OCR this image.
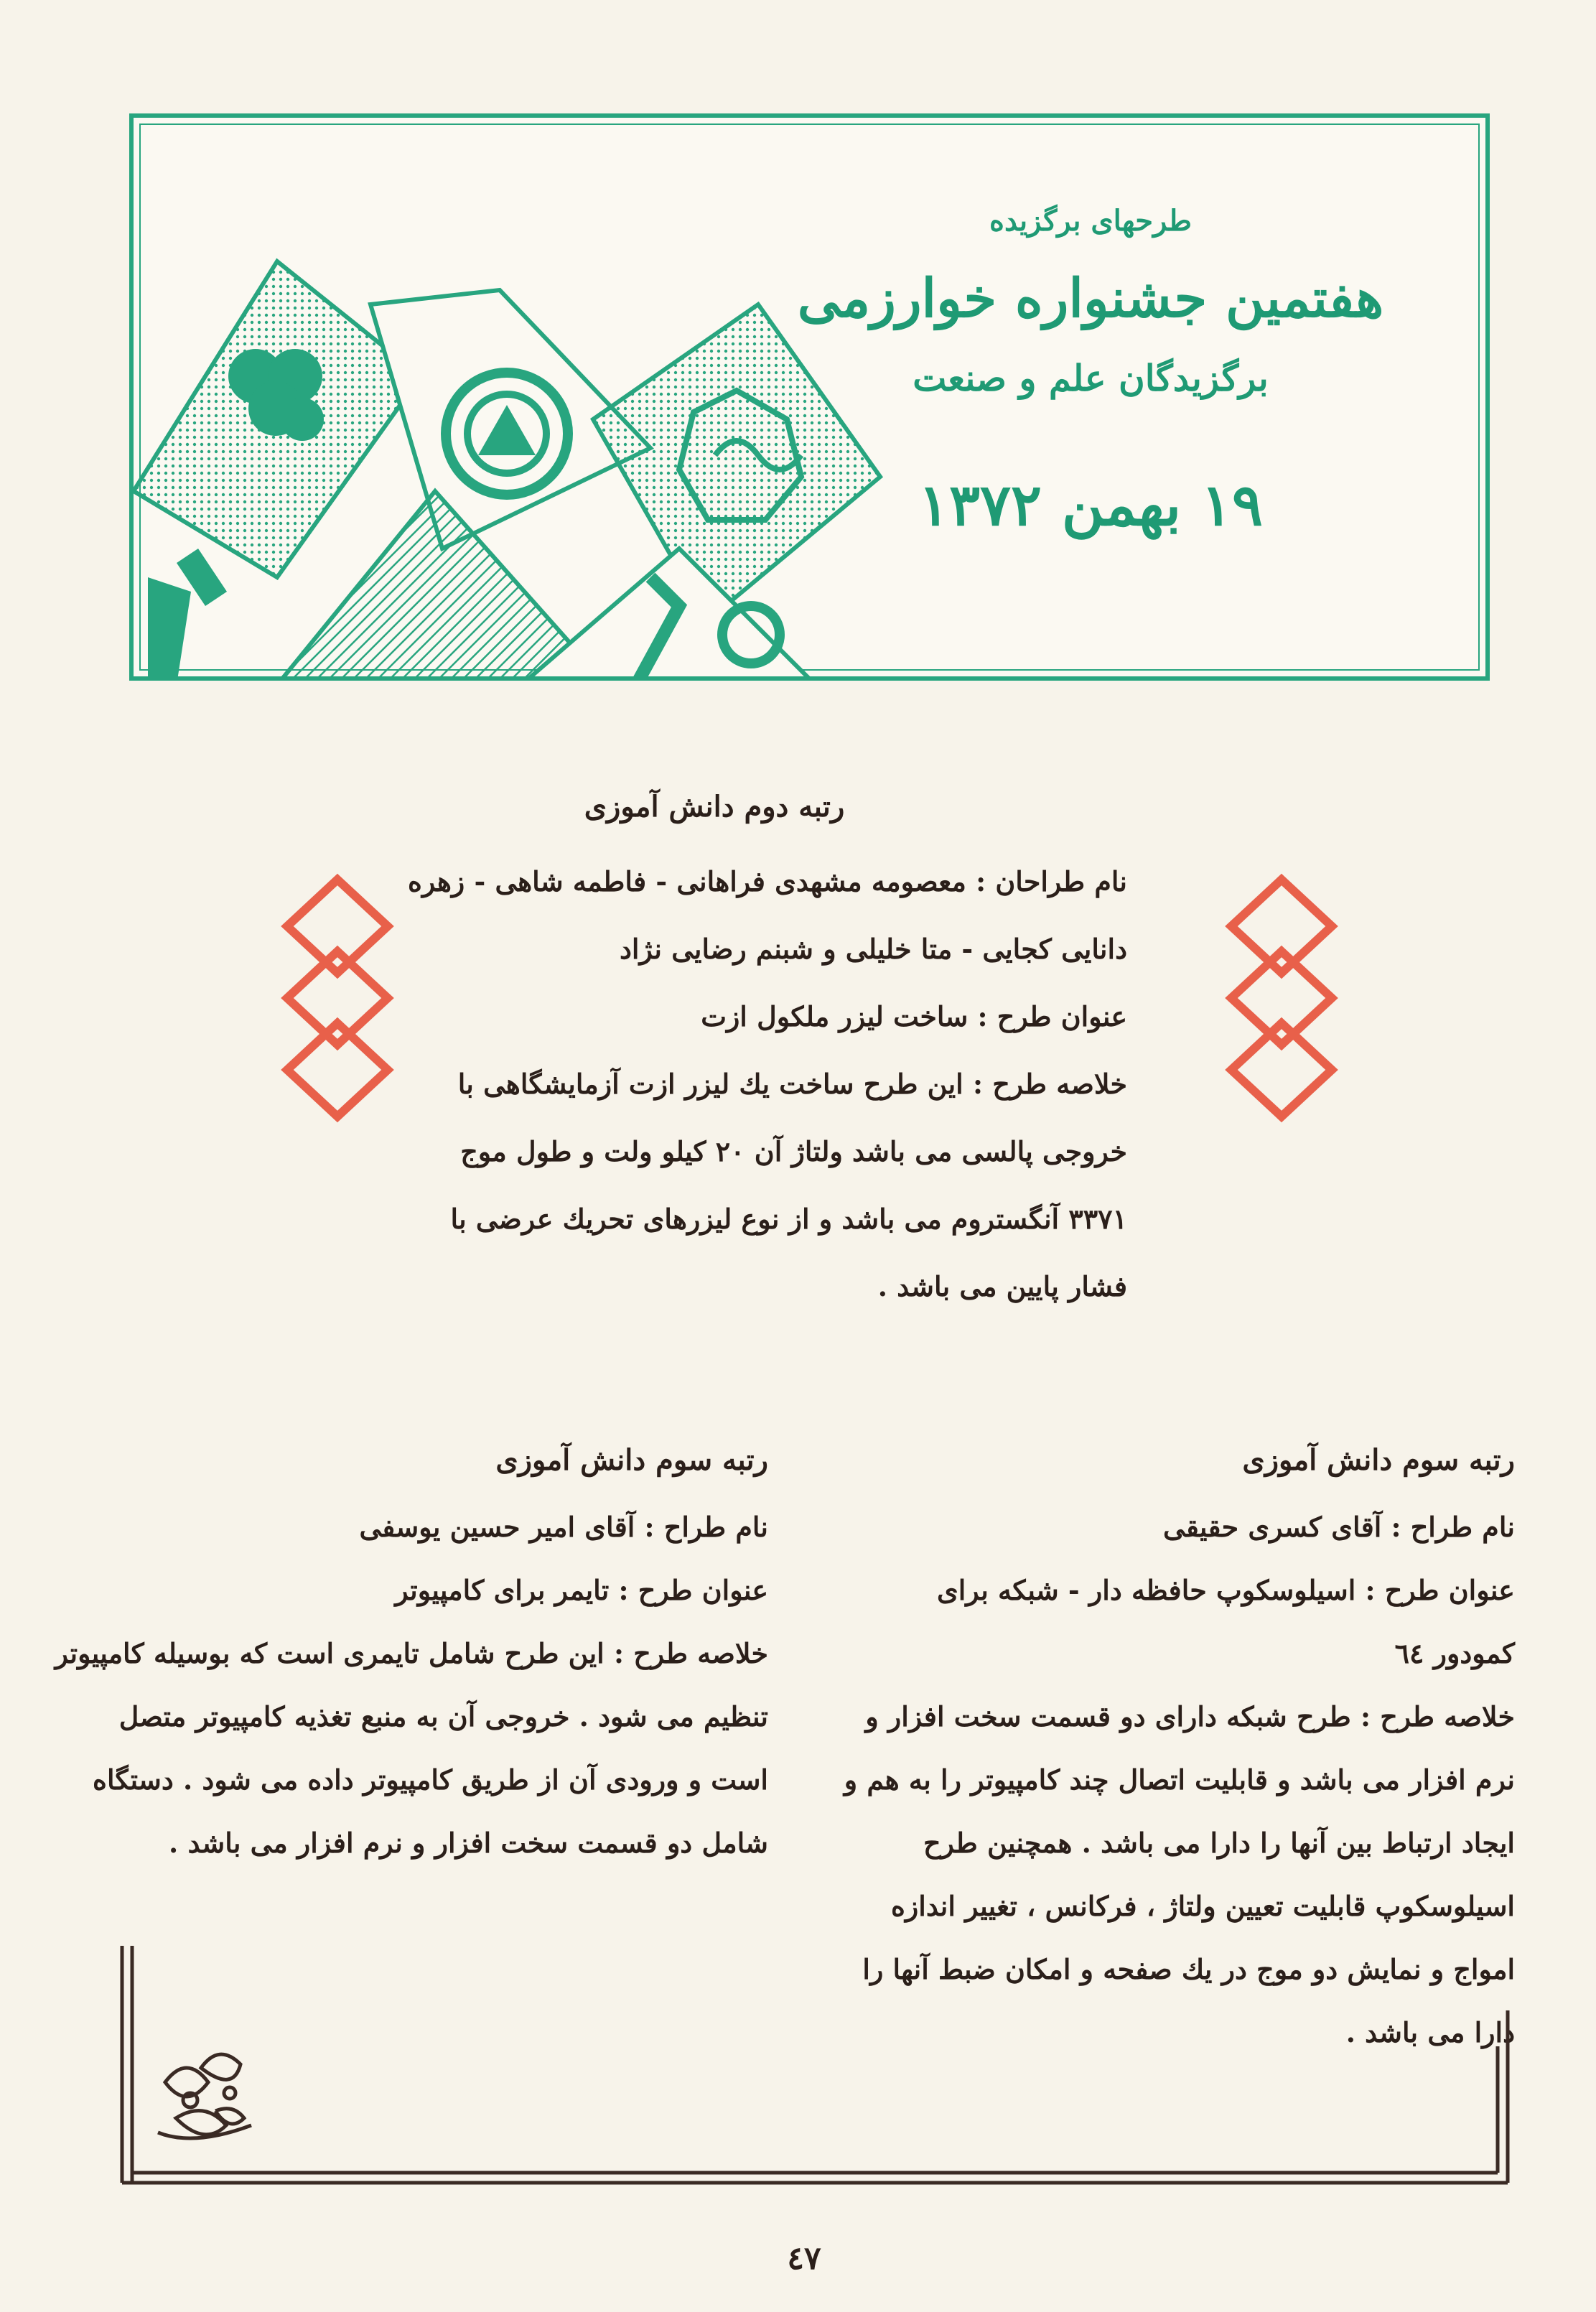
طرحهای برگزیده
هفتمین جشنواره خوارزمی
برگزیدگان علم و صنعت
۱۹ بهمن ۱۳۷۲
رتبه دوم دانش آموزی
نام طراحان : معصومه مشهدی فراهانی - فاطمه شاهی - زهره
دانایی کجایی - متا خلیلی و شبنم رضایی نژاد
عنوان طرح : ساخت لیزر ملکول ازت
خلاصه طرح : این طرح ساخت یك لیزر ازت آزمایشگاهی با
خروجی پالسی می باشد ولتاژ آن ۲۰ کیلو ولت و طول موج
۳۳۷۱ آنگستروم می باشد و از نوع لیزرهای تحریك عرضی با
فشار پایین می باشد .
رتبه سوم دانش آموزی
نام طراح : آقای کسری حقیقی
عنوان طرح : اسیلوسکوپ حافظه دار - شبکه برای
کمودور ٦٤
خلاصه طرح : طرح شبکه دارای دو قسمت سخت افزار و
نرم افزار می باشد و قابلیت اتصال چند کامپیوتر را به هم و
ایجاد ارتباط بین آنها را دارا می باشد . همچنین طرح
اسیلوسکوپ قابلیت تعیین ولتاژ ، فرکانس ، تغییر اندازه
امواج و نمایش دو موج در یك صفحه و امکان ضبط آنها را
دارا می باشد .
رتبه سوم دانش آموزی
نام طراح : آقای امیر حسین یوسفی
عنوان طرح : تایمر برای کامپیوتر
خلاصه طرح : این طرح شامل تایمری است که بوسیله کامپیوتر
تنظیم می شود . خروجی آن به منبع تغذیه کامپیوتر متصل
است و ورودی آن از طریق کامپیوتر داده می شود . دستگاه
شامل دو قسمت سخت افزار و نرم افزار می باشد .
٤٧
